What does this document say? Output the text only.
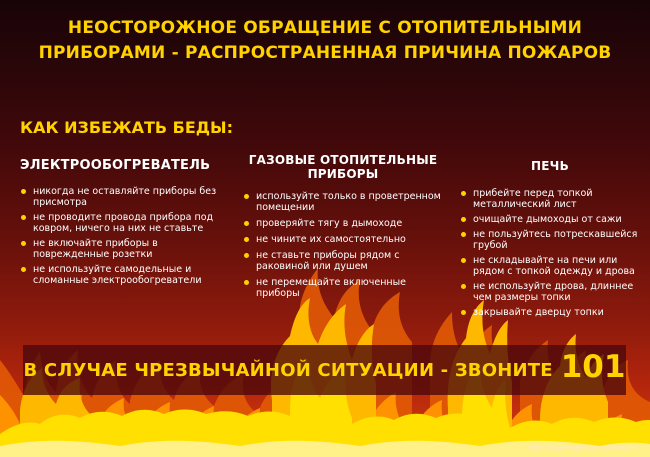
НЕОСТОРОЖНОЕ ОБРАЩЕНИЕ С ОТОПИТЕЛЬНЫМИ
ПРИБОРАМИ - РАСПРОСТРАНЕННАЯ ПРИЧИНА ПОЖАРОВ
КАК ИЗБЕЖАТЬ БЕДЫ:
ЭЛЕКТРООБОГРЕВАТЕЛЬ
никогда не оставляйте приборы без присмотра
не проводите провода прибора под ковром, ничего на них не ставьте
не включайте приборы в поврежденные розетки
не используйте самодельные и сломанные электрообогреватели
ГАЗОВЫЕ ОТОПИТЕЛЬНЫЕ ПРИБОРЫ
используйте только в проветренном помещении
проверяйте тягу в дымоходе
не чините их самостоятельно
не ставьте приборы рядом с раковиной или душем
не перемещайте включенные приборы
ПЕЧЬ
прибейте перед топкой металлический лист
очищайте дымоходы от сажи
не пользуйтесь потрескавшейся грубой
не складывайте на печи или рядом с топкой одежду и дрова
не используйте дрова, длиннее чем размеры топки
закрывайте дверцу топки
В СЛУЧАЕ ЧРЕЗВЫЧАЙНОЙ СИТУАЦИИ - ЗВОНИТЕ 101
Пресс-служба Днепропетровской ОГА
